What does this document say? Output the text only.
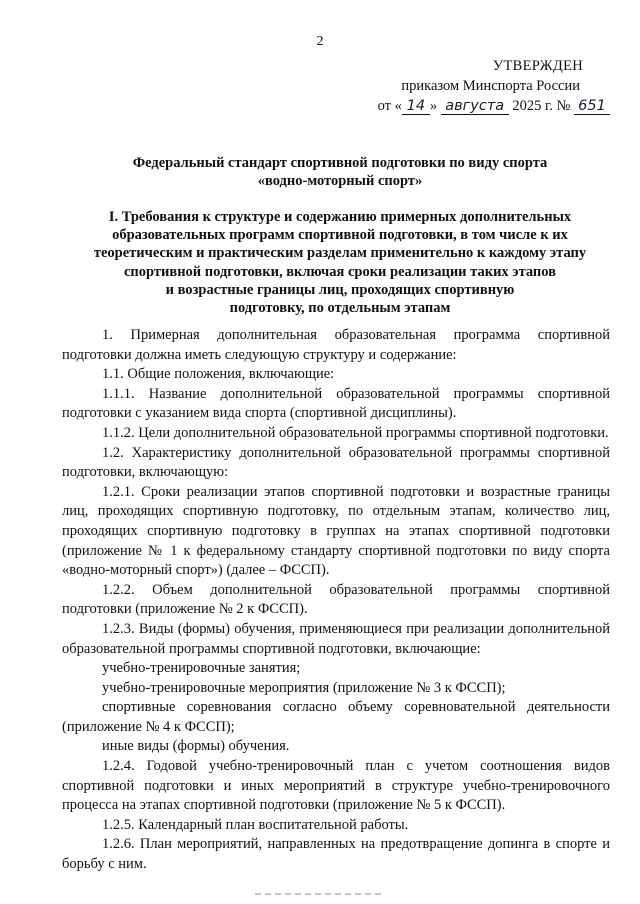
2
УТВЕРЖДЕН
приказом Минспорта России
от « 14 » августа 2025 г. № 651
Федеральный стандарт спортивной подготовки по виду спорта
«водно-моторный спорт»
I. Требования к структуре и содержанию примерных дополнительных
образовательных программ спортивной подготовки, в том числе к их
теоретическим и практическим разделам применительно к каждому этапу
спортивной подготовки, включая сроки реализации таких этапов
и возрастные границы лиц, проходящих спортивную
подготовку, по отдельным этапам

1. Примерная дополнительная образовательная программа спортивной подготовки должна иметь следующую структуру и содержание:

1.1. Общие положения, включающие:

1.1.1. Название дополнительной образовательной программы спортивной подготовки с указанием вида спорта (спортивной дисциплины).

1.1.2. Цели дополнительной образовательной программы спортивной подготовки.

1.2. Характеристику дополнительной образовательной программы спортивной подготовки, включающую:

1.2.1. Сроки реализации этапов спортивной подготовки и возрастные границы лиц, проходящих спортивную подготовку, по отдельным этапам, количество лиц, проходящих спортивную подготовку в группах на этапах спортивной подготовки (приложение № 1 к федеральному стандарту спортивной подготовки по виду спорта «водно-моторный спорт») (далее – ФССП).

1.2.2. Объем дополнительной образовательной программы спортивной подготовки (приложение № 2 к ФССП).

1.2.3. Виды (формы) обучения, применяющиеся при реализации дополнительной образовательной программы спортивной подготовки, включающие:

учебно-тренировочные занятия;

учебно-тренировочные мероприятия (приложение № 3 к ФССП);

спортивные соревнования согласно объему соревновательной деятельности (приложение № 4 к ФССП);

иные виды (формы) обучения.

1.2.4. Годовой учебно-тренировочный план с учетом соотношения видов спортивной подготовки и иных мероприятий в структуре учебно-тренировочного процесса на этапах спортивной подготовки (приложение № 5 к ФССП).

1.2.5. Календарный план воспитательной работы.

1.2.6. План мероприятий, направленных на предотвращение допинга в спорте и борьбу с ним.
